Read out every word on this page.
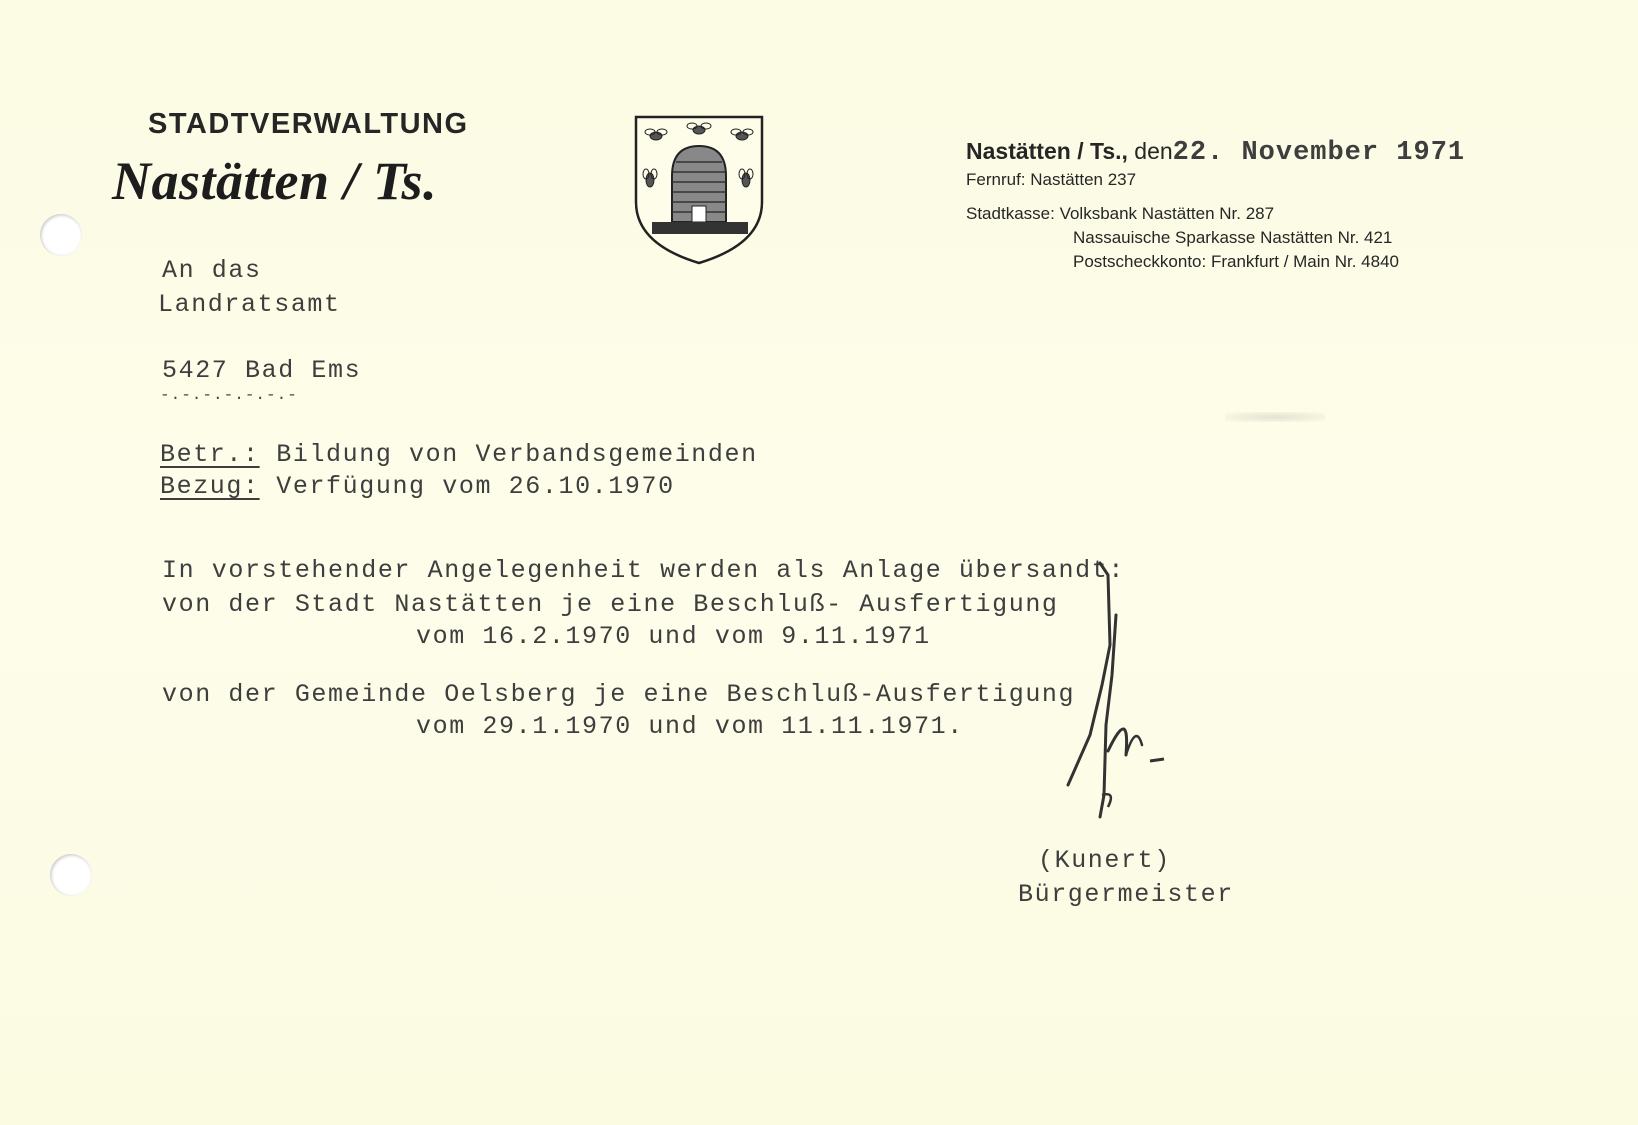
STADTVERWALTUNG
Nastätten / Ts.	Nastätten / Ts., den22. November 1971
Fernruf: Nastätten 237
Stadtkasse: Volksbank Nastätten Nr. 287
Nassauische Sparkasse Nastätten Nr. 421
Postscheckkonto: Frankfurt / Main Nr. 4840
An das
Landratsamt
5427 Bad Ems
-.-.-.-.-.-.-
Betr.: Bildung von Verbandsgemeinden
Bezug: Verfügung vom 26.10.1970
In vorstehender Angelegenheit werden als Anlage übersandt:
von der Stadt Nastätten je eine Beschluß- Ausfertigung
vom 16.2.1970 und vom 9.11.1971
von der Gemeinde Oelsberg je eine Beschluß-Ausfertigung
vom 29.1.1970 und vom 11.11.1971.
(Kunert)
Bürgermeister
